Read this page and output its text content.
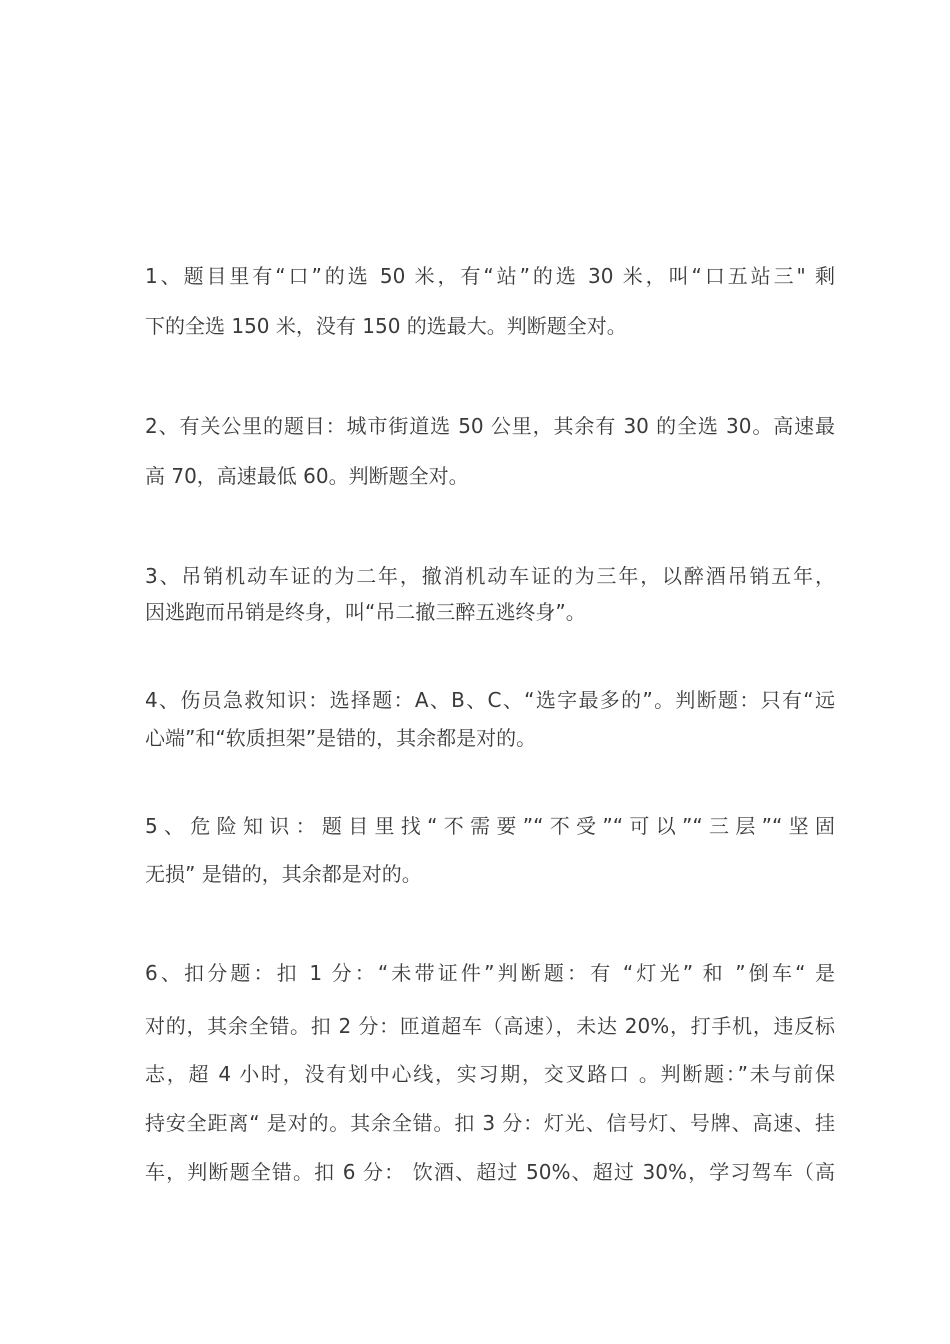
1、题目里有“口”的选 50 米，有“站”的选 30 米，叫“口五站三" 剩
下的全选 150 米，没有 150 的选最大。判断题全对。
2、有关公里的题目：城市街道选 50 公里，其余有 30 的全选 30。高速最
高 70，高速最低 60。判断题全对。
3、吊销机动车证的为二年，撤消机动车证的为三年，以醉酒吊销五年，
因逃跑而吊销是终身，叫“吊二撤三醉五逃终身”。
4、伤员急救知识：选择题：A、B、C、“选字最多的”。判断题：只有“远
心端”和“软质担架”是错的，其余都是对的。
5、危险知识：题目里找“不需要”“不受”“可以”“三层”“坚固
无损” 是错的，其余都是对的。
6、扣分题：扣 1 分：“未带证件”判断题：有 “灯光” 和 ”倒车“ 是
对的，其余全错。扣 2 分：匝道超车（高速），未达 20%，打手机，违反标
志，超 4 小时，没有划中心线，实习期，交叉路口 。判断题：”未与前保
持安全距离“ 是对的。其余全错。扣 3 分：灯光、信号灯、号牌、高速、挂
车，判断题全错。扣 6 分： 饮酒、超过 50%、超过 30%，学习驾车（高
